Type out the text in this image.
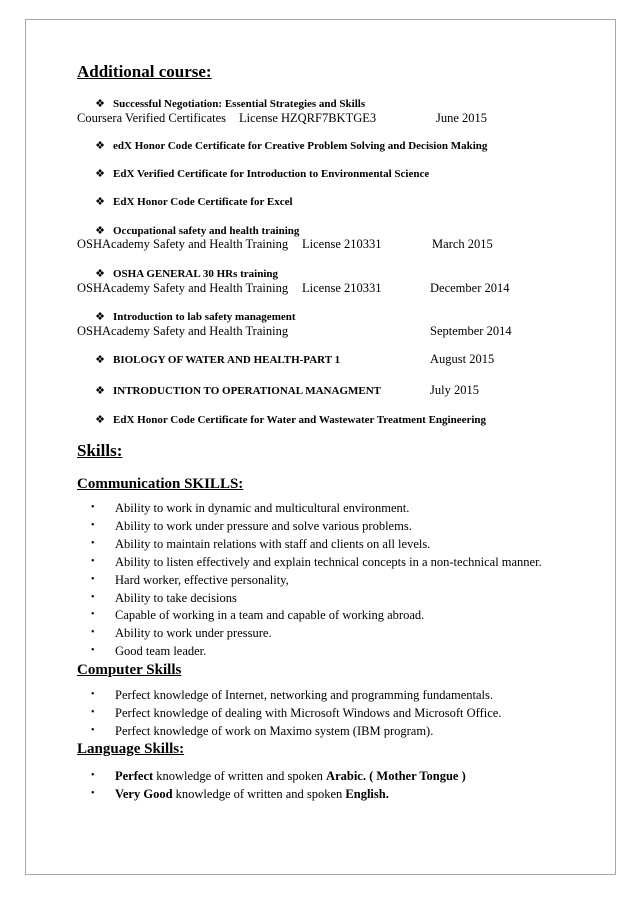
Additional course:
❖ Successful Negotiation: Essential Strategies and Skills
Coursera Verified Certificates License HZQRF7BKTGE3	June 2015
❖ edX Honor Code Certificate for Creative Problem Solving and Decision Making
❖ EdX Verified Certificate for Introduction to Environmental Science
❖ EdX Honor Code Certificate for Excel
❖ Occupational safety and health training
OSHAcademy Safety and Health Training License 210331	March 2015
❖ OSHA GENERAL 30 HRs training
OSHAcademy Safety and Health Training License 210331	December 2014
❖ Introduction to lab safety management
OSHAcademy Safety and Health Training	September 2014
❖ BIOLOGY OF WATER AND HEALTH-PART 1	August 2015
❖ INTRODUCTION TO OPERATIONAL MANAGMENT	July 2015
❖ EdX Honor Code Certificate for Water and Wastewater Treatment Engineering
Skills:
Communication SKILLS:
• Ability to work in dynamic and multicultural environment.
• Ability to work under pressure and solve various problems.
• Ability to maintain relations with staff and clients on all levels.
• Ability to listen effectively and explain technical concepts in a non-technical manner.
• Hard worker, effective personality,
• Ability to take decisions
• Capable of working in a team and capable of working abroad.
• Ability to work under pressure.
• Good team leader.
Computer Skills
• Perfect knowledge of Internet, networking and programming fundamentals.
• Perfect knowledge of dealing with Microsoft Windows and Microsoft Office.
• Perfect knowledge of work on Maximo system (IBM program).
Language Skills:
• Perfect knowledge of written and spoken Arabic. ( Mother Tongue )
• Very Good knowledge of written and spoken English.
